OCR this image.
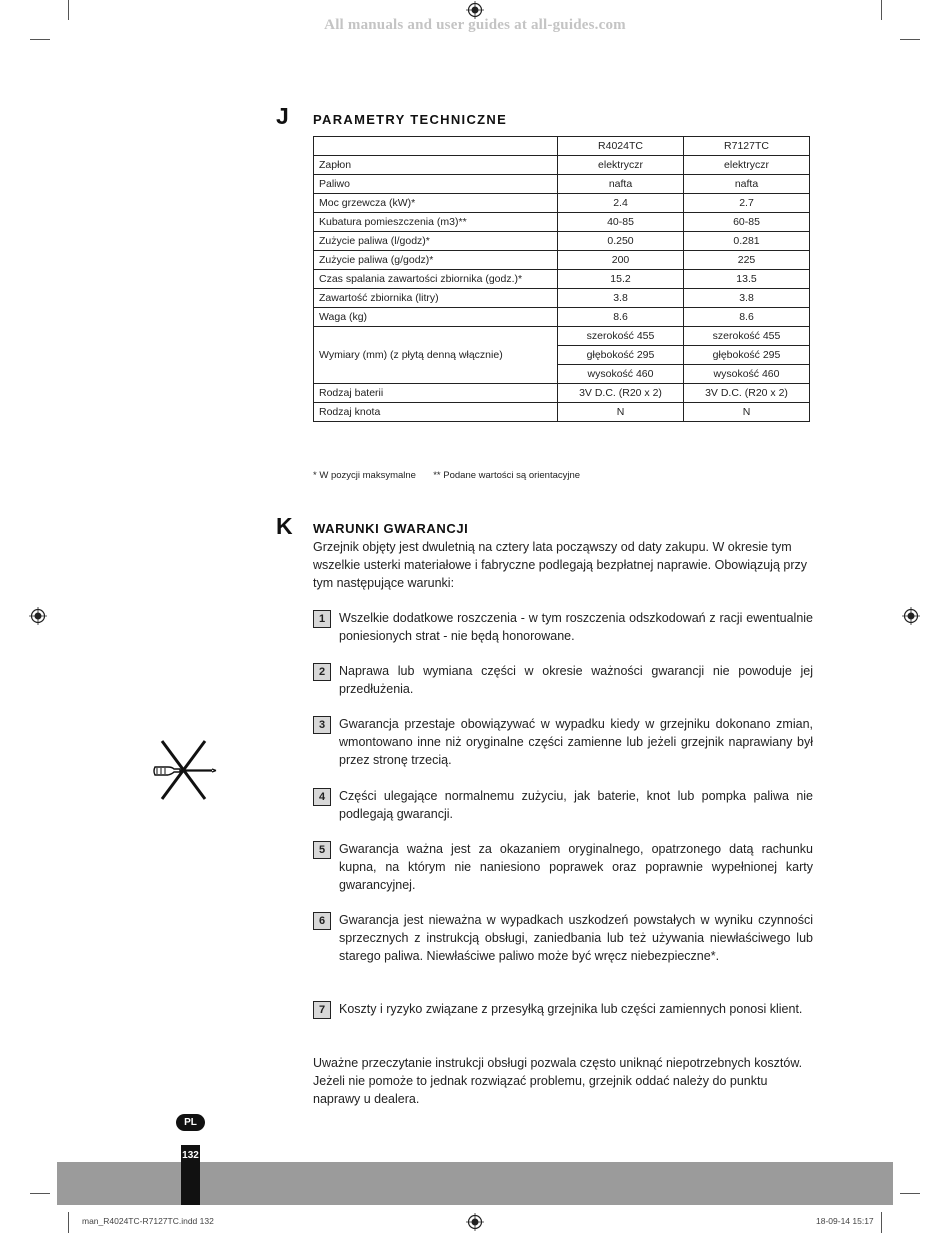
All manuals and user guides at all-guides.com
J PARAMETRY TECHNICZNE
	R4024TC	R7127TC
Zapłon	elektryczr	elektryczr
Paliwo	nafta	nafta
Moc grzewcza (kW)*	2.4	2.7
Kubatura pomieszczenia (m3)**	40-85	60-85
Zużycie paliwa (l/godz)*	0.250	0.281
Zużycie paliwa (g/godz)*	200	225
Czas spalania zawartości zbiornika (godz.)*	15.2	13.5
Zawartość zbiornika (litry)	3.8	3.8
Waga (kg)	8.6	8.6
Wymiary (mm) (z płytą denną włącznie)	szerokość 455	szerokość 455
	głębokość 295	głębokość 295
	wysokość 460	wysokość 460
Rodzaj baterii	3V D.C. (R20 x 2)	3V D.C. (R20 x 2)
Rodzaj knota	N	N
* W pozycji maksymalne ** Podane wartości są orientacyjne
K WARUNKI GWARANCJI
Grzejnik objęty jest dwuletnią na cztery lata począwszy od daty zakupu. W okresie tym wszelkie usterki materiałowe i fabryczne podlegają bezpłatnej naprawie. Obowiązują przy tym następujące warunki:
1	Wszelkie dodatkowe roszczenia - w tym roszczenia odszkodowań z racji ewentualnie poniesionych strat - nie będą honorowane.
2	Naprawa lub wymiana części w okresie ważności gwarancji nie powoduje jej przedłużenia.
3	Gwarancja przestaje obowiązywać w wypadku kiedy w grzejniku dokonano zmian, wmontowano inne niż oryginalne części zamienne lub jeżeli grzejnik naprawiany był przez stronę trzecią.
4	Części ulegające normalnemu zużyciu, jak baterie, knot lub pompka paliwa nie podlegają gwarancji.
5	Gwarancja ważna jest za okazaniem oryginalnego, opatrzonego datą rachunku kupna, na którym nie naniesiono poprawek oraz poprawnie wypełnionej karty gwarancyjnej.
6	Gwarancja jest nieważna w wypadkach uszkodzeń powstałych w wyniku czynności sprzecznych z instrukcją obsługi, zaniedbania lub też używania niewłaściwego lub starego paliwa. Niewłaściwe paliwo może być wręcz niebezpieczne*.
7	Koszty i ryzyko związane z przesyłką grzejnika lub części zamiennych ponosi klient.
Uważne przeczytanie instrukcji obsługi pozwala często uniknąć niepotrzebnych kosztów. Jeżeli nie pomoże to jednak rozwiązać problemu, grzejnik oddać należy do punktu naprawy u dealera.
PL
132
man_R4024TC-R7127TC.indd 132	18-09-14 15:17
